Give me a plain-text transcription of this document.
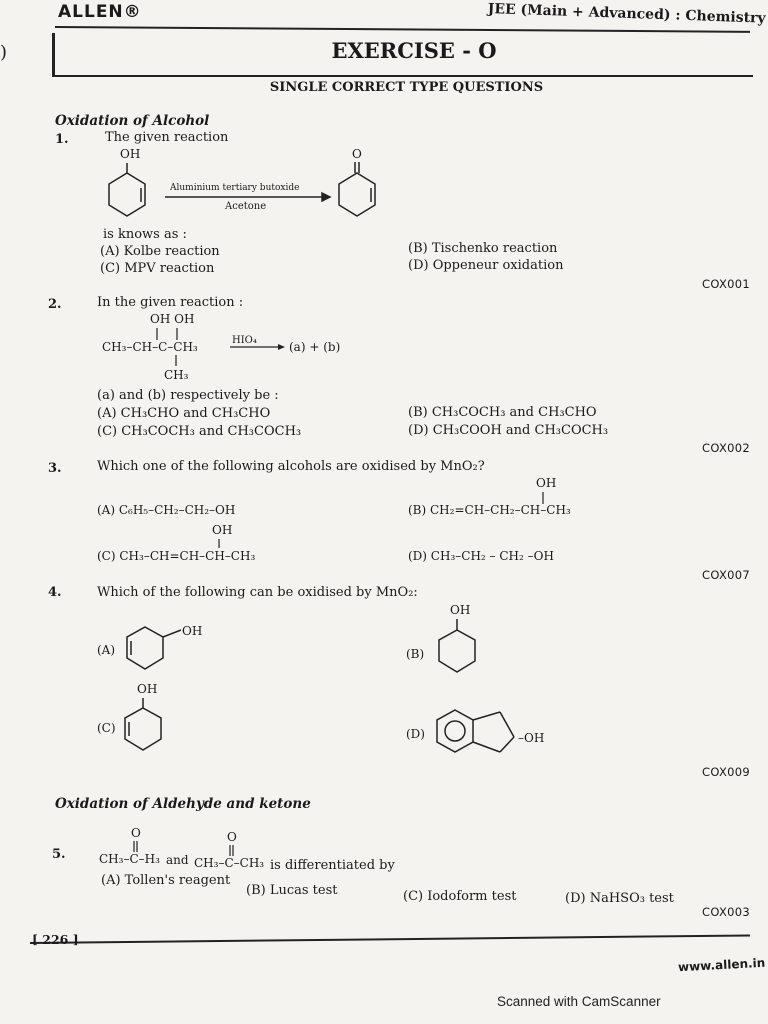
)
ALLEN®	JEE (Main + Advanced) : Chemistry
EXERCISE - O
SINGLE CORRECT TYPE QUESTIONS
Oxidation of Alcohol
1.	The given reaction
OH	O
Aluminium tertiary butoxide
Acetone
is knows as :
(A) Kolbe reaction	(B) Tischenko reaction
(C) MPV reaction	(D) Oppeneur oxidation
COX001
2.	In the given reaction :
OH OH
CH₃–CH–C–CH₃	HIO₄	(a) + (b)
CH₃
(a) and (b) respectively be :
(A) CH₃CHO and CH₃CHO	(B) CH₃COCH₃ and CH₃CHO
(C) CH₃COCH₃ and CH₃COCH₃	(D) CH₃COOH and CH₃COCH₃
COX002
3.	Which one of the following alcohols are oxidised by MnO₂?
(A) C₆H₅–CH₂–CH₂–OH
OH
(B) CH₂=CH–CH₂–CH–CH₃
OH
(C) CH₃–CH=CH–CH–CH₃	(D) CH₃–CH₂ – CH₂ –OH
COX007
4.	Which of the following can be oxidised by MnO₂:
(A)
OH
(B)
OH
OH
(C)	(D)	–OH
COX009
Oxidation of Aldehyde and ketone
5.
O	O
CH₃–C–H₃ and CH₃–C–CH₃ is differentiated by
(A) Tollen's reagent
(B) Lucas test	(C) Iodoform test	(D) NaHSO₃ test
COX003
[ 226 ]
www.allen.in
Scanned with CamScanner
